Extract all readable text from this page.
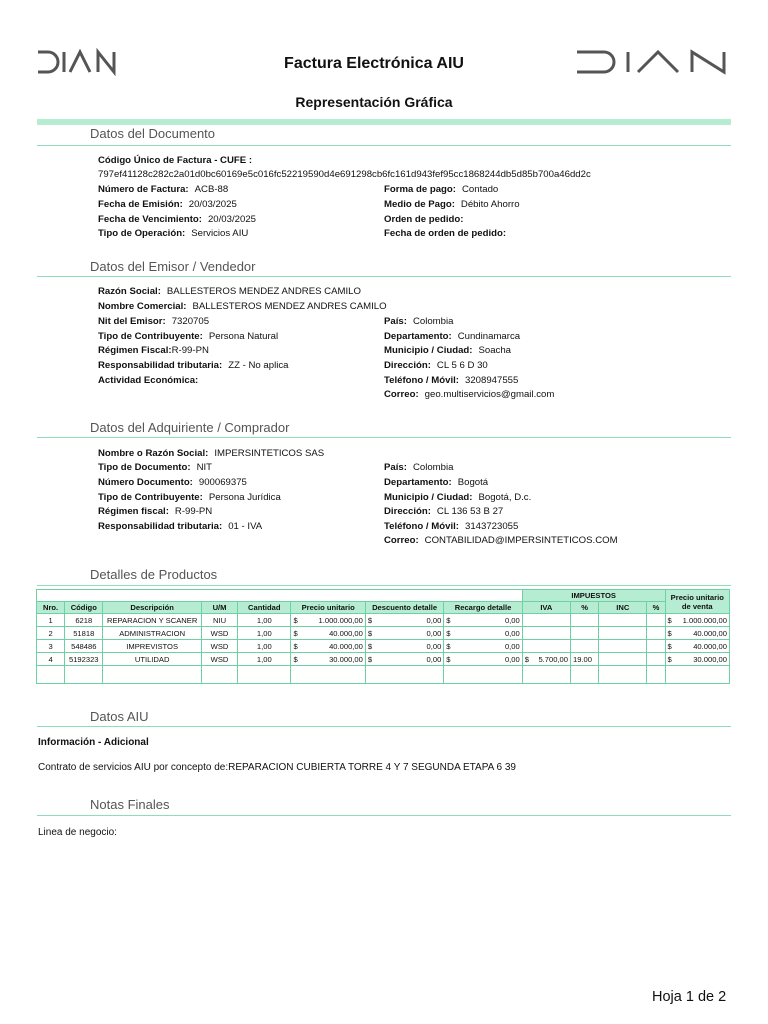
Factura Electrónica AIU
Representación Gráfica
Datos del Documento
Código Único de Factura - CUFE :
797ef41128c282c2a01d0bc60169e5c016fc52219590d4e691298cb6fc161d943fef95cc1868244db5d85b700a46dd2c
Número de Factura: ACB-88
Fecha de Emisión: 20/03/2025
Fecha de Vencimiento: 20/03/2025
Tipo de Operación: Servicios AIU
Forma de pago: Contado
Medio de Pago: Débito Ahorro
Orden de pedido:
Fecha de orden de pedido:
Datos del Emisor / Vendedor
Razón Social: BALLESTEROS MENDEZ ANDRES CAMILO
Nombre Comercial: BALLESTEROS MENDEZ ANDRES CAMILO
Nit del Emisor: 7320705
Tipo de Contribuyente: Persona Natural
Régimen Fiscal:R-99-PN
Responsabilidad tributaria: ZZ - No aplica
Actividad Económica:
País: Colombia
Departamento: Cundinamarca
Municipio / Ciudad: Soacha
Dirección: CL 5 6 D 30
Teléfono / Móvil: 3208947555
Correo: geo.multiservicios@gmail.com
Datos del Adquiriente / Comprador
Nombre o Razón Social: IMPERSINTETICOS SAS
Tipo de Documento: NIT
Número Documento: 900069375
Tipo de Contribuyente: Persona Jurídica
Régimen fiscal: R-99-PN
Responsabilidad tributaria: 01 - IVA
País: Colombia
Departamento: Bogotá
Municipio / Ciudad: Bogotá, D.c.
Dirección: CL 136 53 B 27
Teléfono / Móvil: 3143723055
Correo: CONTABILIDAD@IMPERSINTETICOS.COM
Detalles de Productos
								IMPUESTOS				Precio unitario de venta
Nro.	Código	Descripción	U/M	Cantidad	Precio unitario	Descuento detalle	Recargo detalle	IVA	%	INC	%	
1	6218	REPARACION Y SCANER	NIU	1,00	$ 1.000.000,00	$ 0,00	$ 0,00					$ 1.000.000,00

2	51818	ADMINISTRACION	WSD	1,00	$ 40.000,00	$ 0,00	$ 0,00					$ 40.000,00

3	548486	IMPREVISTOS	WSD	1,00	$ 40.000,00	$ 0,00	$ 0,00					$ 40.000,00

4	5192323	UTILIDAD	WSD	1,00	$ 30.000,00	$ 0,00	$ 0,00	$ 5.700,00	19.00			$ 30.000,00

Datos AIU
Información - Adicional
Contrato de servicios AIU por concepto de:REPARACION CUBIERTA TORRE 4 Y 7 SEGUNDA ETAPA 6 39
Notas Finales
Linea de negocio:
Hoja 1 de 2
